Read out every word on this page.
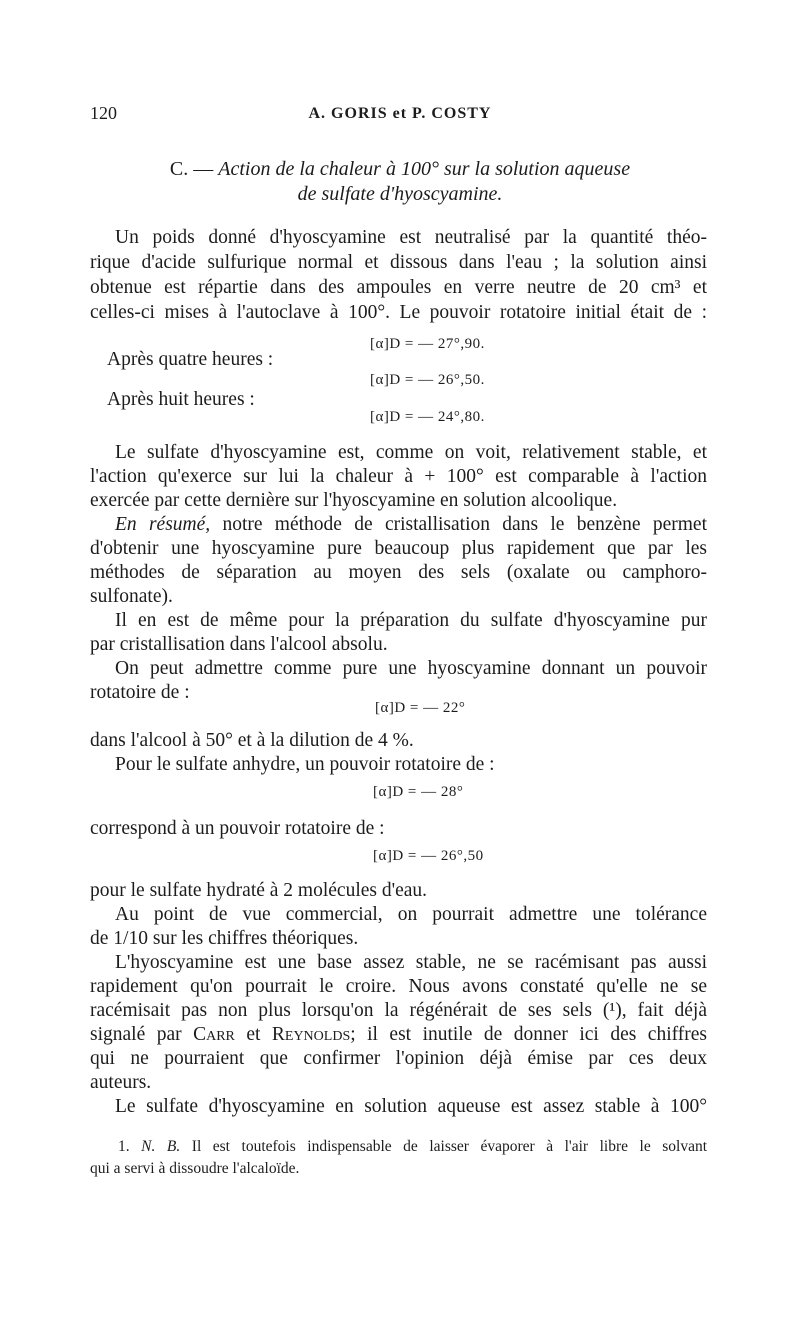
120	A. GORIS et P. COSTY
C. — Action de la chaleur à 100° sur la solution aqueuse
de sulfate d'hyoscyamine.
Un poids donné d'hyoscyamine est neutralisé par la quantité théo-
rique d'acide sulfurique normal et dissous dans l'eau ; la solution ainsi
obtenue est répartie dans des ampoules en verre neutre de 20 cm³ et
celles-ci mises à l'autoclave à 100°. Le pouvoir rotatoire initial était de :
[α]D = — 27°,90.
Après quatre heures :
[α]D = — 26°,50.
Après huit heures :
[α]D = — 24°,80.
Le sulfate d'hyoscyamine est, comme on voit, relativement stable, et
l'action qu'exerce sur lui la chaleur à + 100° est comparable à l'action
exercée par cette dernière sur l'hyoscyamine en solution alcoolique.
En résumé, notre méthode de cristallisation dans le benzène permet
d'obtenir une hyoscyamine pure beaucoup plus rapidement que par les
méthodes de séparation au moyen des sels (oxalate ou camphoro-
sulfonate).
Il en est de même pour la préparation du sulfate d'hyoscyamine pur
par cristallisation dans l'alcool absolu.
On peut admettre comme pure une hyoscyamine donnant un pouvoir
rotatoire de :
[α]D = — 22°
dans l'alcool à 50° et à la dilution de 4 %.
Pour le sulfate anhydre, un pouvoir rotatoire de :
[α]D = — 28°
correspond à un pouvoir rotatoire de :
[α]D = — 26°,50
pour le sulfate hydraté à 2 molécules d'eau.
Au point de vue commercial, on pourrait admettre une tolérance
de 1/10 sur les chiffres théoriques.
L'hyoscyamine est une base assez stable, ne se racémisant pas aussi
rapidement qu'on pourrait le croire. Nous avons constaté qu'elle ne se
racémisait pas non plus lorsqu'on la régénérait de ses sels (¹), fait déjà
signalé par Carr et Reynolds; il est inutile de donner ici des chiffres
qui ne pourraient que confirmer l'opinion déjà émise par ces deux
auteurs.
Le sulfate d'hyoscyamine en solution aqueuse est assez stable à 100°
1. N. B. Il est toutefois indispensable de laisser évaporer à l'air libre le solvant
qui a servi à dissoudre l'alcaloïde.
